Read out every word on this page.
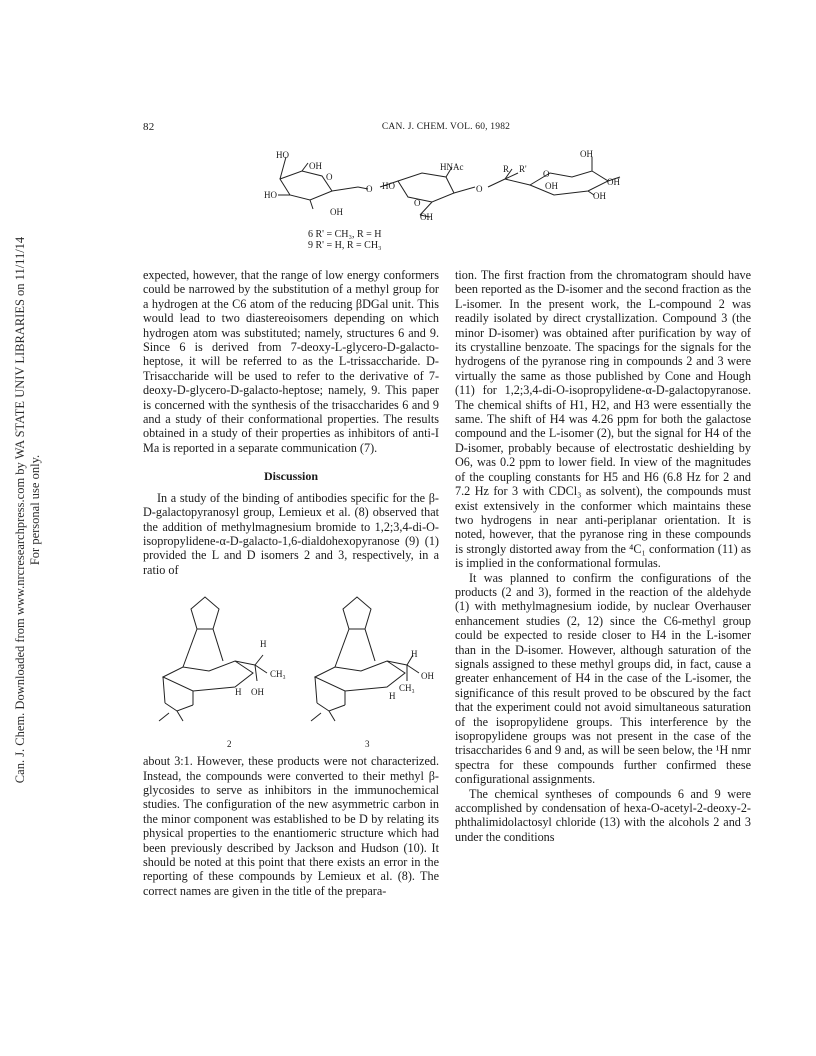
Can. J. Chem. Downloaded from www.nrcresearchpress.com by WA STATE UNIV LIBRARIES on 11/11/14 For personal use only.
82	CAN. J. CHEM. VOL. 60, 1982
HO
OH
HO
OH
HNAc
HO
OH
O
O
O
O
R R' O
OH
OH	OH
OH
6 R' = CH₃, R = H
9 R' = H, R = CH₃

expected, however, that the range of low energy conformers could be narrowed by the substitution of a methyl group for a hydrogen at the C6 atom of the reducing βDGal unit. This would lead to two diastereoisomers depending on which hydrogen atom was substituted; namely, structures 6 and 9. Since 6 is derived from 7-deoxy-L-glycero-D-galacto-heptose, it will be referred to as the L-trissaccharide. D-Trisaccharide will be used to refer to the derivative of 7-deoxy-D-glycero-D-galacto-heptose; namely, 9. This paper is concerned with the synthesis of the trisaccharides 6 and 9 and a study of their conformational properties. The results obtained in a study of their properties as inhibitors of anti-I Ma is reported in a separate communication (7).

Discussion

In a study of the binding of antibodies specific for the β-D-galactopyranosyl group, Lemieux et al. (8) observed that the addition of methylmagnesium bromide to 1,2;3,4-di-O-isopropylidene-α-D-galacto-1,6-dialdohexopyranose (9) (1) provided the L and D isomers 2 and 3, respectively, in a ratio of

H
OH
CH₃
H
H
OH
CH₃
H
2	3

about 3:1. However, these products were not characterized. Instead, the compounds were converted to their methyl β-glycosides to serve as inhibitors in the immunochemical studies. The configuration of the new asymmetric carbon in the minor component was established to be D by relating its physical properties to the enantiomeric structure which had been previously described by Jackson and Hudson (10). It should be noted at this point that there exists an error in the reporting of these compounds by Lemieux et al. (8). The correct names are given in the title of the prepara-

tion. The first fraction from the chromatogram should have been reported as the D-isomer and the second fraction as the L-isomer. In the present work, the L-compound 2 was readily isolated by direct crystallization. Compound 3 (the minor D-isomer) was obtained after purification by way of its crystalline benzoate. The spacings for the signals for the hydrogens of the pyranose ring in compounds 2 and 3 were virtually the same as those published by Cone and Hough (11) for 1,2;3,4-di-O-isopropylidene-α-D-galactopyranose. The chemical shifts of H1, H2, and H3 were essentially the same. The shift of H4 was 4.26 ppm for both the galactose compound and the L-isomer (2), but the signal for H4 of the D-isomer, probably because of electrostatic deshielding by O6, was 0.2 ppm to lower field. In view of the magnitudes of the coupling constants for H5 and H6 (6.8 Hz for 2 and 7.2 Hz for 3 with CDCl₃ as solvent), the compounds must exist extensively in the conformer which maintains these two hydrogens in near anti-periplanar orientation. It is noted, however, that the pyranose ring in these compounds is strongly distorted away from the ⁴C₁ conformation (11) as is implied in the conformational formulas.

It was planned to confirm the configurations of the products (2 and 3), formed in the reaction of the aldehyde (1) with methylmagnesium iodide, by nuclear Overhauser enhancement studies (2, 12) since the C6-methyl group could be expected to reside closer to H4 in the L-isomer than in the D-isomer. However, although saturation of the signals assigned to these methyl groups did, in fact, cause a greater enhancement of H4 in the case of the L-isomer, the significance of this result proved to be obscured by the fact that the experiment could not avoid simultaneous saturation of the isopropylidene groups. This interference by the isopropylidene groups was not present in the case of the trisaccharides 6 and 9 and, as will be seen below, the ¹H nmr spectra for these compounds further confirmed these configurational assignments.

The chemical syntheses of compounds 6 and 9 were accomplished by condensation of hexa-O-acetyl-2-deoxy-2-phthalimidolactosyl chloride (13) with the alcohols 2 and 3 under the conditions
